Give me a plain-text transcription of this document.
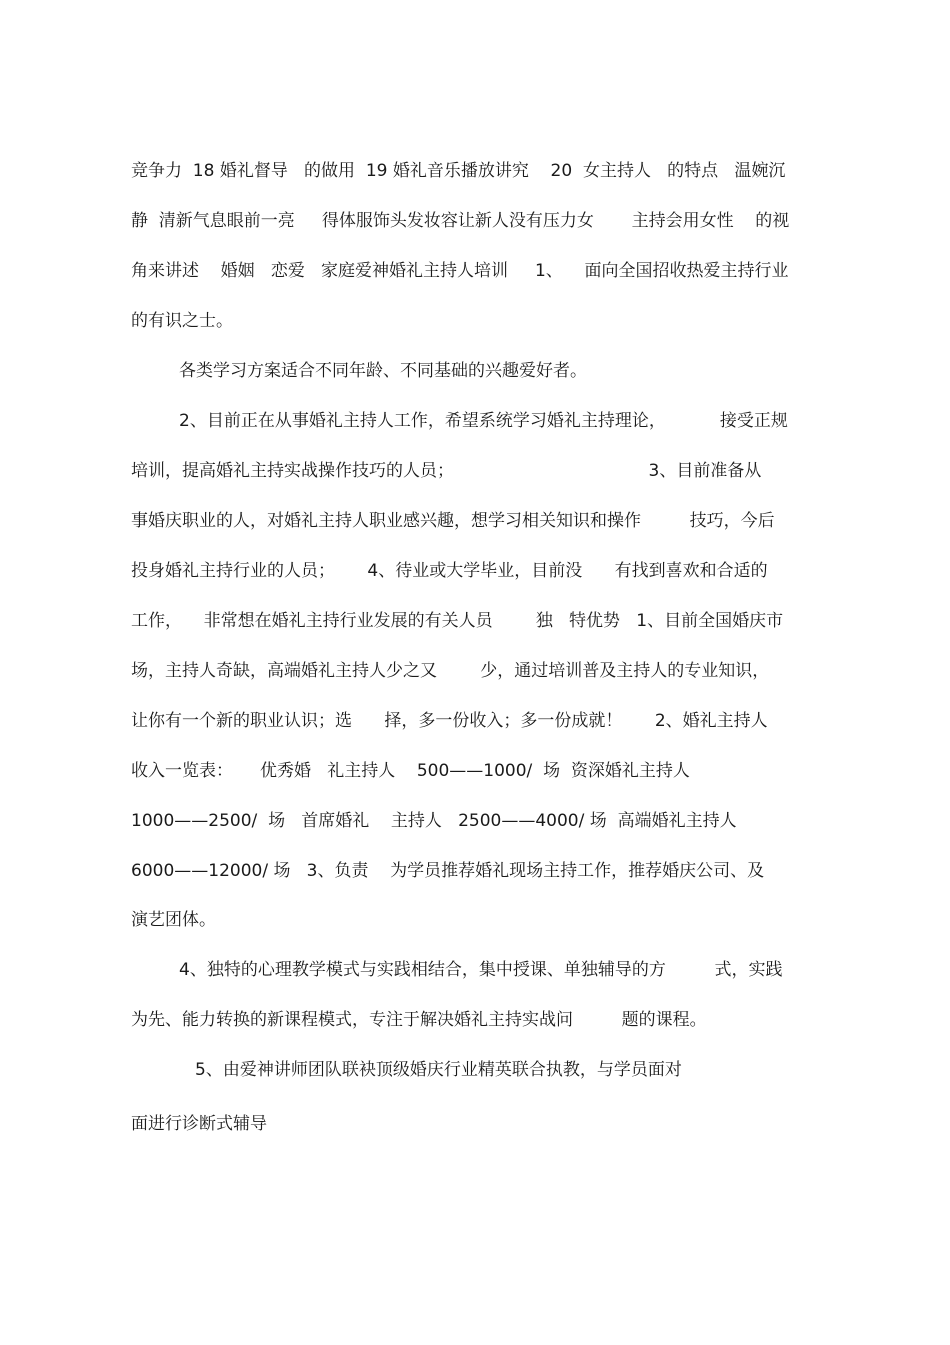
竞争力  18 婚礼督导   的做用  19 婚礼音乐播放讲究    20  女主持人   的特点   温婉沉

静  清新气息眼前一亮     得体服饰头发妆容让新人没有压力女       主持会用女性    的视

角来讲述    婚姻   恋爱   家庭爱神婚礼主持人培训     1、    面向全国招收热爱主持行业

的有识之士。

各类学习方案适合不同年龄、不同基础的兴趣爱好者。

2、目前正在从事婚礼主持人工作，希望系统学习婚礼主持理论，          接受正规

培训，提高婚礼主持实战操作技巧的人员；                                    3、目前准备从

事婚庆职业的人，对婚礼主持人职业感兴趣，想学习相关知识和操作         技巧，今后

投身婚礼主持行业的人员；      4、待业或大学毕业，目前没      有找到喜欢和合适的

工作，    非常想在婚礼主持行业发展的有关人员        独   特优势   1、目前全国婚庆市

场，主持人奇缺，高端婚礼主持人少之又        少，通过培训普及主持人的专业知识，

让你有一个新的职业认识；选      择，多一份收入；多一份成就！      2、婚礼主持人

收入一览表：     优秀婚   礼主持人    500——1000/  场  资深婚礼主持人

1000——2500/  场   首席婚礼    主持人   2500——4000/ 场  高端婚礼主持人

6000——12000/ 场   3、负责    为学员推荐婚礼现场主持工作，推荐婚庆公司、及

演艺团体。

4、独特的心理教学模式与实践相结合，集中授课、单独辅导的方         式，实践

为先、能力转换的新课程模式，专注于解决婚礼主持实战问         题的课程。

5、由爱神讲师团队联袂顶级婚庆行业精英联合执教，与学员面对

面进行诊断式辅导
